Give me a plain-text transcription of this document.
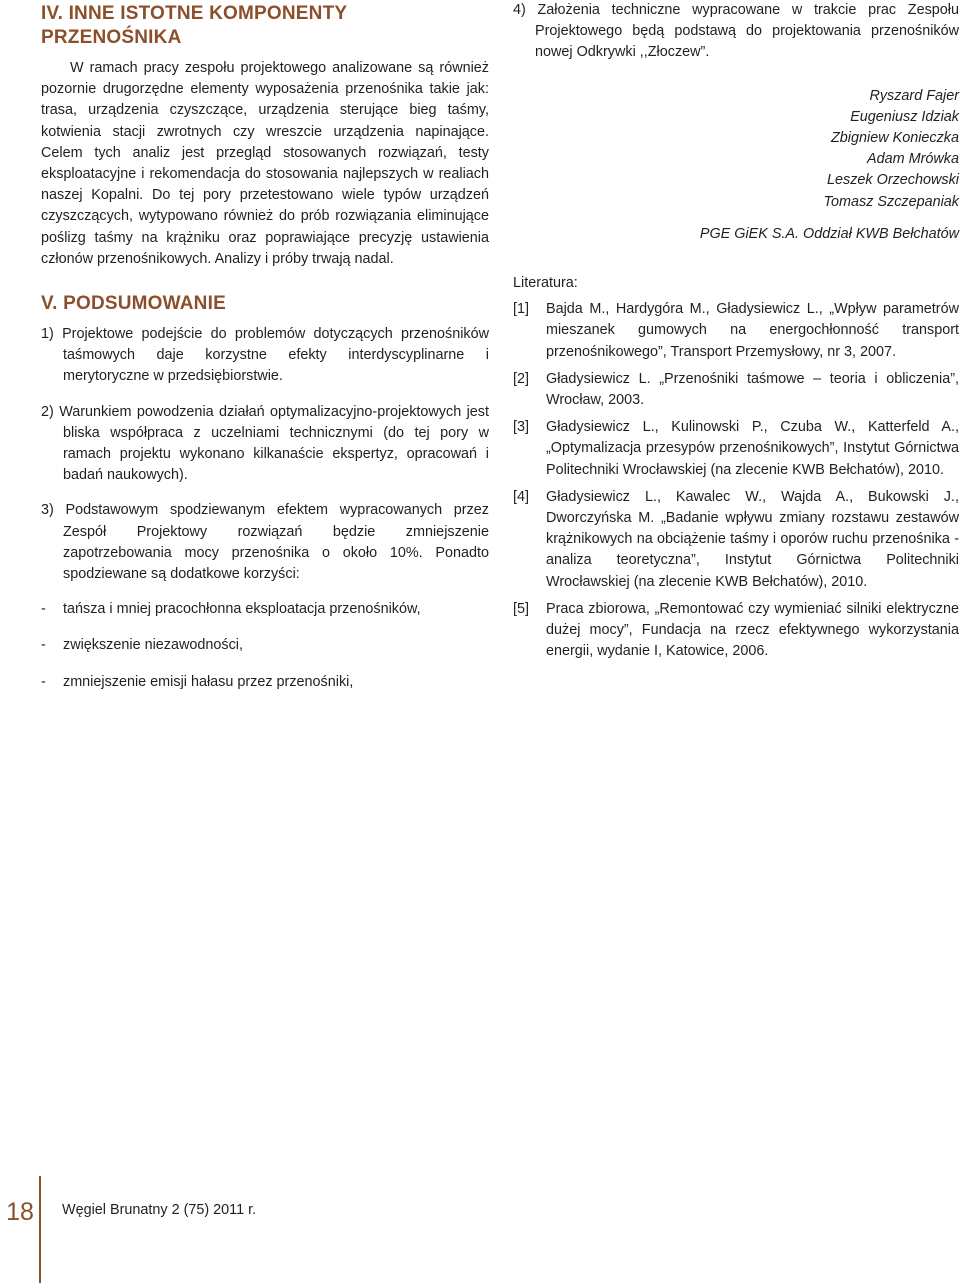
IV. INNE ISTOTNE KOMPONENTY PRZENOŚNIKA

W ramach pracy zespołu projektowego analizowane są również pozornie drugorzędne elementy wyposażenia przenośnika takie jak: trasa, urządzenia czyszczące, urządzenia sterujące bieg taśmy, kotwienia stacji zwrotnych czy wreszcie urządzenia napinające. Celem tych analiz jest przegląd stosowanych rozwiązań, testy eksploatacyjne i rekomendacja do stosowania najlepszych w realiach naszej Kopalni. Do tej pory przetestowano wiele typów urządzeń czyszczących, wytypowano również do prób rozwiązania eliminujące poślizg taśmy na krążniku oraz poprawiające precyzję ustawienia członów przenośnikowych. Analizy i próby trwają nadal.

V. PODSUMOWANIE

1) Projektowe podejście do problemów dotyczących przenośników taśmowych daje korzystne efekty interdyscyplinarne i merytoryczne w przedsiębiorstwie.

2) Warunkiem powodzenia działań optymalizacyjno-projektowych jest bliska współpraca z uczelniami technicznymi (do tej pory w ramach projektu wykonano kilkanaście ekspertyz, opracowań i badań naukowych).

3) Podstawowym spodziewanym efektem wypracowanych przez Zespół Projektowy rozwiązań będzie zmniejszenie zapotrzebowania mocy przenośnika o około 10%. Ponadto spodziewane są dodatkowe korzyści:

- tańsza i mniej pracochłonna eksploatacja przenośników,

- zwiększenie niezawodności,

- zmniejszenie emisji hałasu przez przenośniki,

4) Założenia techniczne wypracowane w trakcie prac Zespołu Projektowego będą podstawą do projektowania przenośników nowej Odkrywki ,,Złoczew”.

Ryszard Fajer
Eugeniusz Idziak
Zbigniew Konieczka
Adam Mrówka
Leszek Orzechowski
Tomasz Szczepaniak
PGE GiEK S.A. Oddział KWB Bełchatów
Literatura:
[1] Bajda M., Hardygóra M., Gładysiewicz L., „Wpływ parametrów mieszanek gumowych na energochłonność transport przenośnikowego”, Transport Przemysłowy, nr 3, 2007.
[2] Gładysiewicz L. „Przenośniki taśmowe – teoria i obliczenia”, Wrocław, 2003.
[3] Gładysiewicz L., Kulinowski P., Czuba W., Katterfeld A., „Optymalizacja przesypów przenośnikowych”, Instytut Górnictwa Politechniki Wrocławskiej (na zlecenie KWB Bełchatów), 2010.
[4] Gładysiewicz L., Kawalec W., Wajda A., Bukowski J., Dworczyńska M. „Badanie wpływu zmiany rozstawu zestawów krążnikowych na obciążenie taśmy i oporów ruchu przenośnika - analiza teoretyczna”, Instytut Górnictwa Politechniki Wrocławskiej (na zlecenie KWB Bełchatów), 2010.
[5] Praca zbiorowa, „Remontować czy wymieniać silniki elektryczne dużej mocy”, Fundacja na rzecz efektywnego wykorzystania energii, wydanie I, Katowice, 2006.
18 Węgiel Brunatny 2 (75) 2011 r.
